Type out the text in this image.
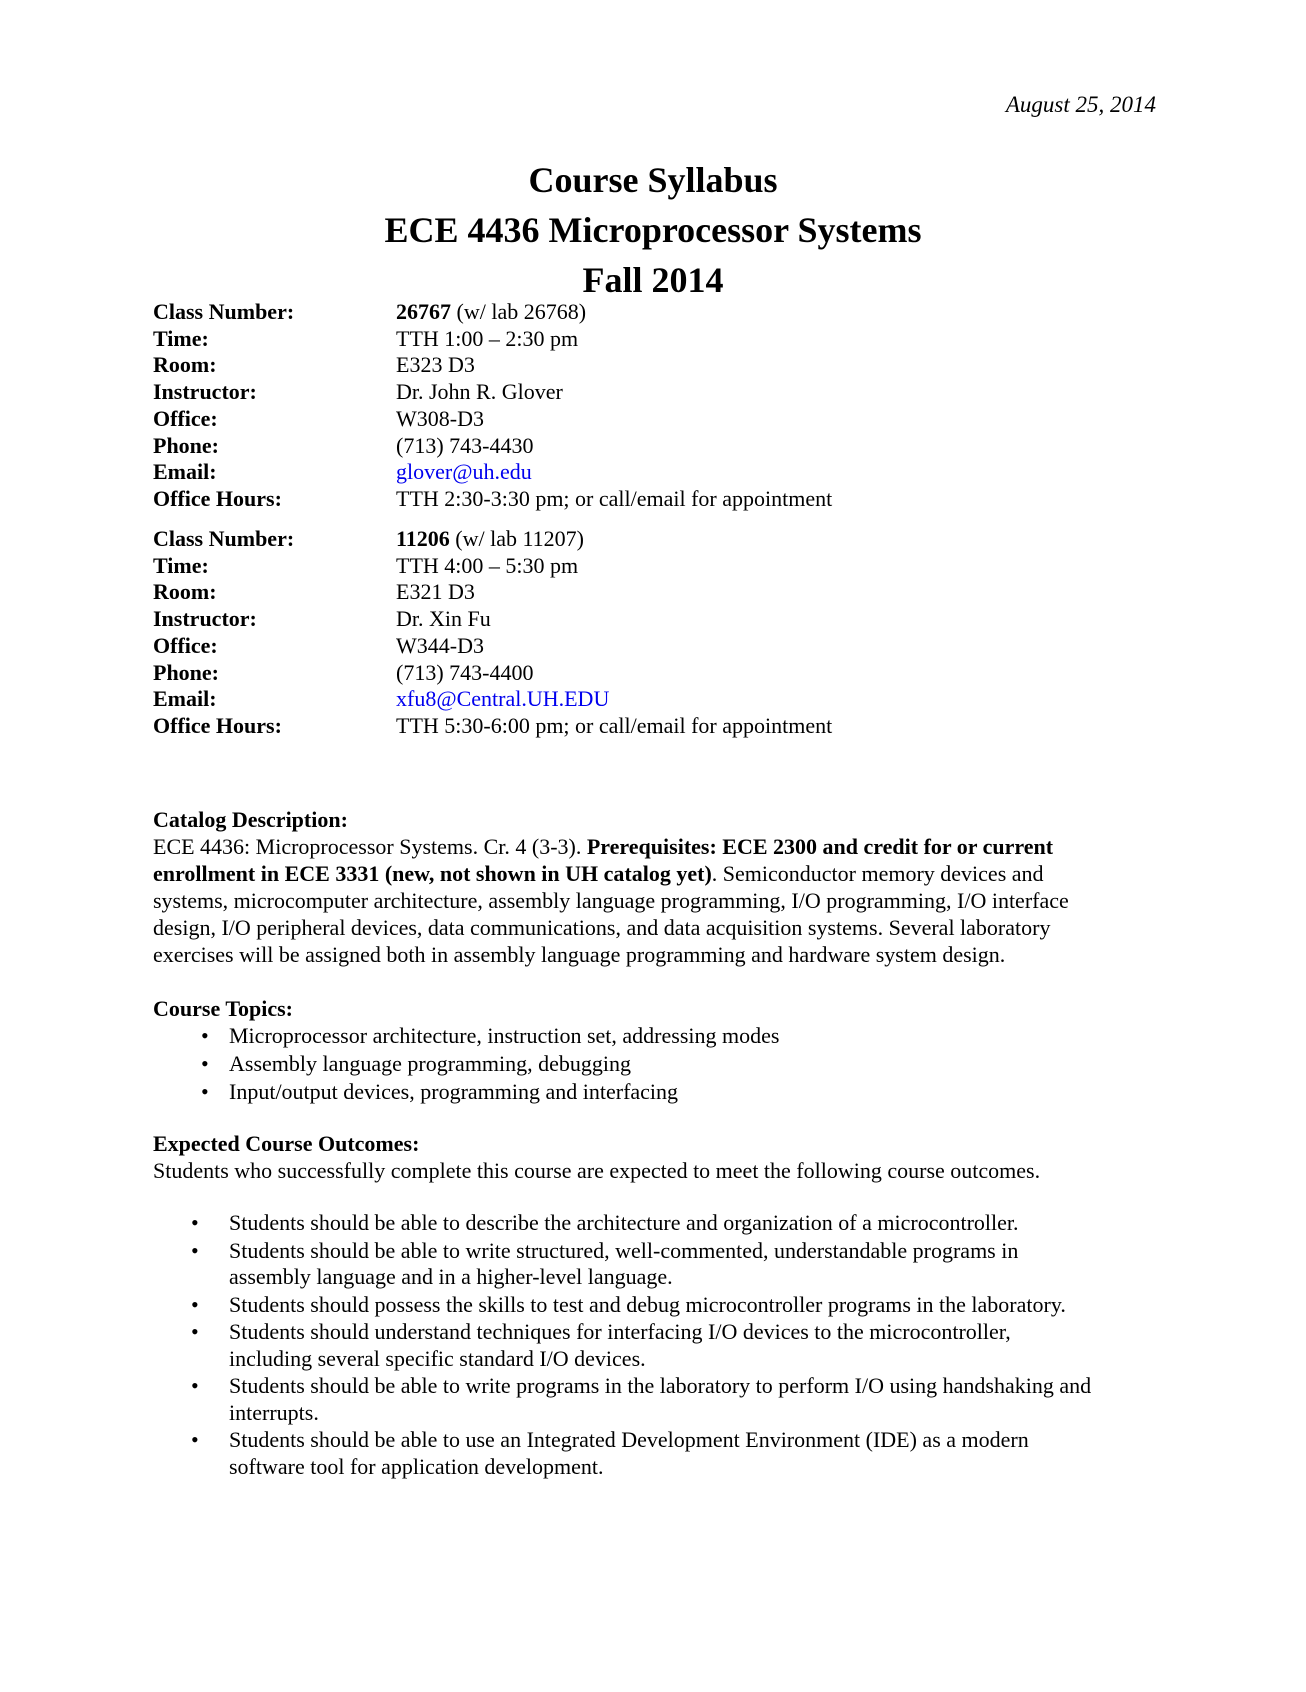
August 25, 2014
Course Syllabus
ECE 4436 Microprocessor Systems
Fall 2014
Class Number:	26767 (w/ lab 26768)
Time:	TTH 1:00 – 2:30 pm
Room:	E323 D3
Instructor:	Dr. John R. Glover
Office:	W308-D3
Phone:	(713) 743-4430
Email:	glover@uh.edu
Office Hours:	TTH 2:30-3:30 pm; or call/email for appointment
Class Number:	11206 (w/ lab 11207)
Time:	TTH 4:00 – 5:30 pm
Room:	E321 D3
Instructor:	Dr. Xin Fu
Office:	W344-D3
Phone:	(713) 743-4400
Email:	xfu8@Central.UH.EDU
Office Hours:	TTH 5:30-6:00 pm; or call/email for appointment
Catalog Description:
ECE 4436: Microprocessor Systems. Cr. 4 (3-3). Prerequisites: ECE 2300 and credit for or current
enrollment in ECE 3331 (new, not shown in UH catalog yet). Semiconductor memory devices and
systems, microcomputer architecture, assembly language programming, I/O programming, I/O interface
design, I/O peripheral devices, data communications, and data acquisition systems. Several laboratory
exercises will be assigned both in assembly language programming and hardware system design.
Course Topics:
• Microprocessor architecture, instruction set, addressing modes
• Assembly language programming, debugging
• Input/output devices, programming and interfacing
Expected Course Outcomes:
Students who successfully complete this course are expected to meet the following course outcomes.
• Students should be able to describe the architecture and organization of a microcontroller.
• Students should be able to write structured, well-commented, understandable programs in
assembly language and in a higher-level language.
• Students should possess the skills to test and debug microcontroller programs in the laboratory.
• Students should understand techniques for interfacing I/O devices to the microcontroller,
including several specific standard I/O devices.
• Students should be able to write programs in the laboratory to perform I/O using handshaking and
interrupts.
• Students should be able to use an Integrated Development Environment (IDE) as a modern
software tool for application development.
